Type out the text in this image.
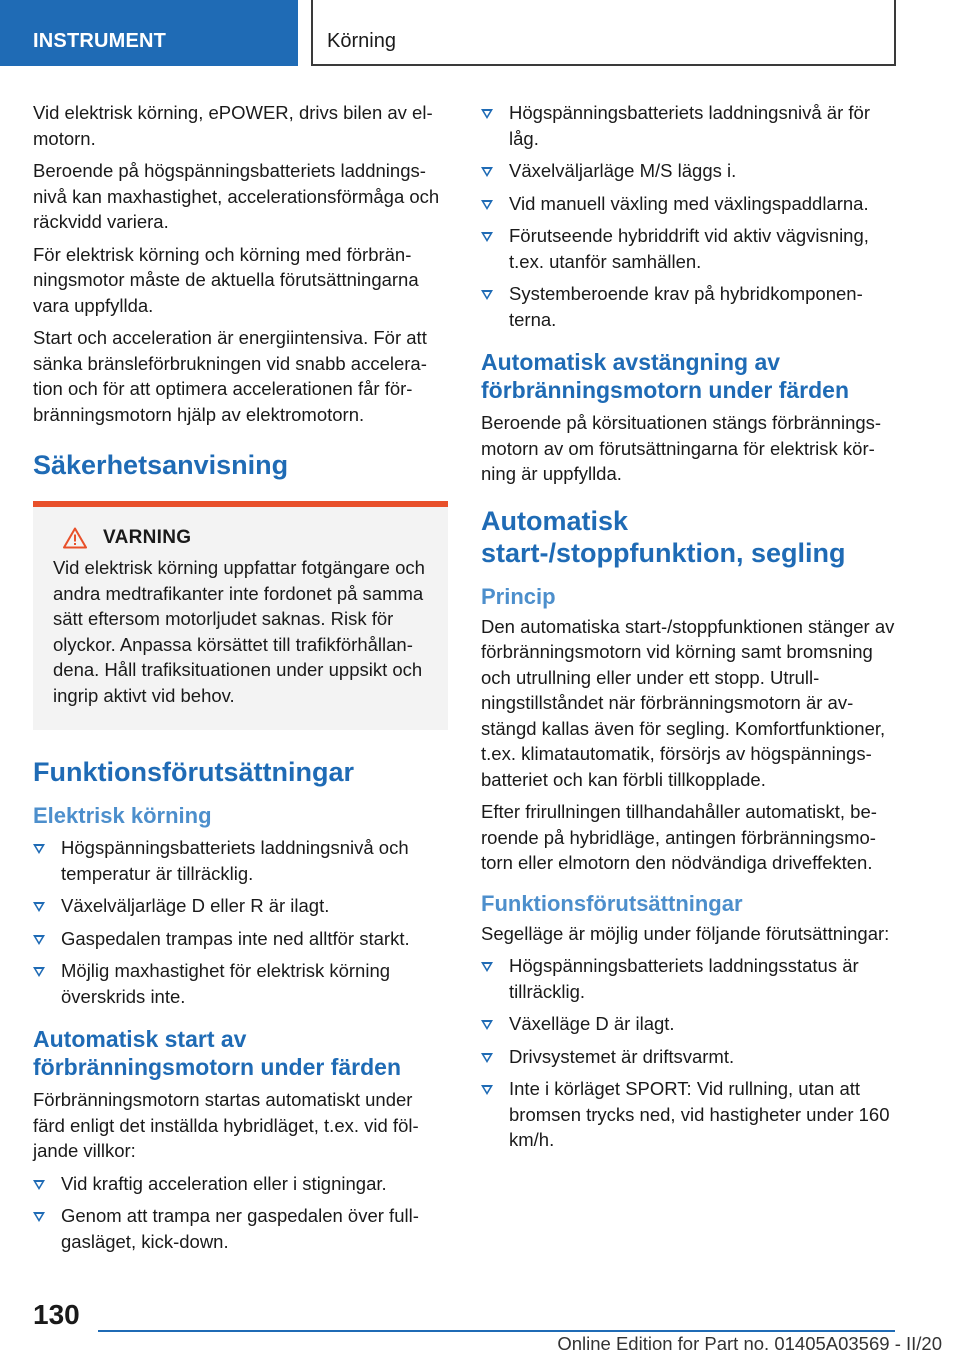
INSTRUMENT	Körning

Vid elektrisk körning, ePOWER, drivs bilen av elmotorn.

Beroende på högspänningsbatteriets laddningsnivå kan maxhastighet, accelerationsförmåga och räckvidd variera.

För elektrisk körning och körning med förbränningsmotor måste de aktuella förutsättningarna vara uppfyllda.

Start och acceleration är energiintensiva. För att sänka bränsleförbrukningen vid snabb acceleration och för att optimera accelerationen får förbränningsmotorn hjälp av elektromotorn.

Säkerhetsanvisning
VARNING

Vid elektrisk körning uppfattar fotgängare och andra medtrafikanter inte fordonet på samma sätt eftersom motorljudet saknas. Risk för olyckor. Anpassa körsättet till trafikförhållandena. Håll trafiksituationen under uppsikt och ingrip aktivt vid behov.

Funktionsförutsättningar
Elektrisk körning
Högspänningsbatteriets laddningsnivå och temperatur är tillräcklig.
Växelväljarläge D eller R är ilagt.
Gaspedalen trampas inte ned alltför starkt.
Möjlig maxhastighet för elektrisk körning överskrids inte.
Automatisk start av förbränningsmotorn under färden

Förbränningsmotorn startas automatiskt under färd enligt det inställda hybridläget, t.ex. vid följande villkor:

Vid kraftig acceleration eller i stigningar.
Genom att trampa ner gaspedalen över fullgasläget, kick-down.
Högspänningsbatteriets laddningsnivå är för låg.
Växelväljarläge M/S läggs i.
Vid manuell växling med växlingspaddlarna.
Förutseende hybriddrift vid aktiv vägvisning, t.ex. utanför samhällen.
Systemberoende krav på hybridkomponenterna.
Automatisk avstängning av förbränningsmotorn under färden

Beroende på körsituationen stängs förbränningsmotorn av om förutsättningarna för elektrisk körning är uppfyllda.

Automatisk start-/stoppfunktion, segling
Princip

Den automatiska start-/stoppfunktionen stänger av förbränningsmotorn vid körning samt bromsning och utrullning eller under ett stopp. Utrullningstillståndet när förbränningsmotorn är avstängd kallas även för segling. Komfortfunktioner, t.ex. klimatautomatik, försörjs av högspänningsbatteriet och kan förbli tillkopplade.

Efter frirullningen tillhandahåller automatiskt, beroende på hybridläge, antingen förbränningsmotorn eller elmotorn den nödvändiga driveffekten.

Funktionsförutsättningar

Segelläge är möjlig under följande förutsättningar:

Högspänningsbatteriets laddningsstatus är tillräcklig.
Växelläge D är ilagt.
Drivsystemet är driftsvarmt.
Inte i körläget SPORT: Vid rullning, utan att bromsen trycks ned, vid hastigheter under 160 km/h.
130
Online Edition for Part no. 01405A03569 - II/20
